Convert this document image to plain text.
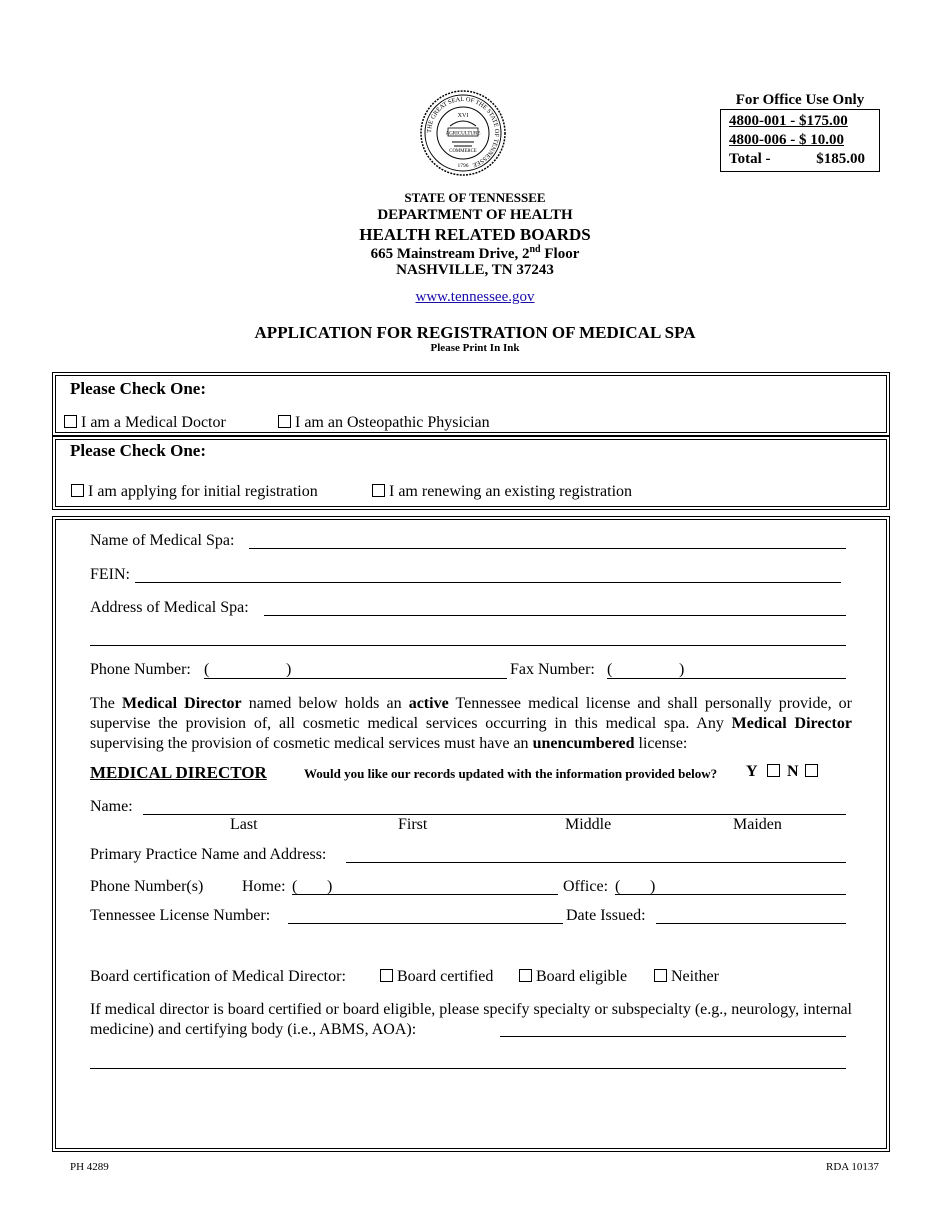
THE GREAT SEAL OF THE STATE OF TENNESSEE
XVI
AGRICULTURE
COMMERCE
1796
For Office Use Only
4800-001 - $175.00
4800-006 - $ 10.00
Total -	$185.00
STATE OF TENNESSEE
DEPARTMENT OF HEALTH
HEALTH RELATED BOARDS
665 Mainstream Drive, 2nd Floor
NASHVILLE, TN 37243
www.tennessee.gov
APPLICATION FOR REGISTRATION OF MEDICAL SPA
Please Print In Ink
Please Check One:
I am a Medical Doctor	I am an Osteopathic Physician
Please Check One:
I am applying for initial registration	I am renewing an existing registration
Name of Medical Spa:
FEIN:
Address of Medical Spa:
Phone Number: (	)	Fax Number: (	)
The Medical Director named below holds an active Tennessee medical license and shall personally provide, or supervise the provision of, all cosmetic medical services occurring in this medical spa. Any Medical Director supervising the provision of cosmetic medical services must have an unencumbered license:
MEDICAL DIRECTOR	Would you like our records updated with the information provided below? Y	N
Name:
Last	First	Middle	Maiden
Primary Practice Name and Address:
Phone Number(s) Home: ( )	Office: ( )
Tennessee License Number:	Date Issued:
Board certification of Medical Director:	Board certified	Board eligible	Neither
If medical director is board certified or board eligible, please specify specialty or subspecialty (e.g., neurology, internal medicine) and certifying body (i.e., ABMS, AOA):
PH 4289	RDA 10137
